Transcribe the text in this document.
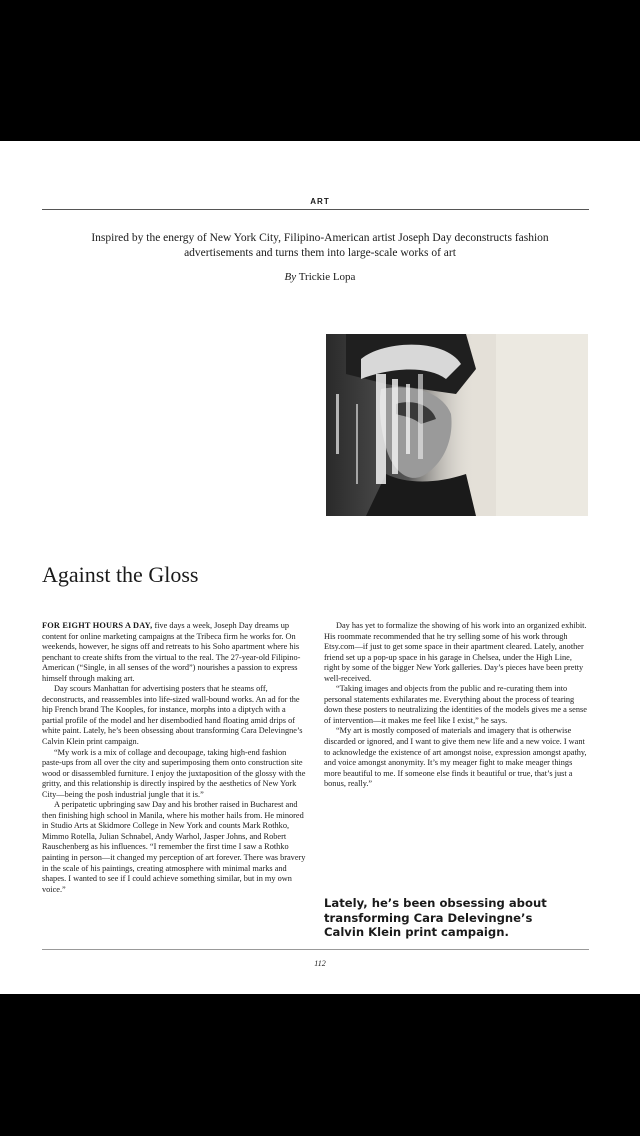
ART
Inspired by the energy of New York City, Filipino-American artist Joseph Day deconstructs fashion advertisements and turns them into large-scale works of art
By Trickie Lopa
Against the Gloss

FOR EIGHT HOURS A DAY, five days a week, Joseph Day dreams up content for online marketing campaigns at the Tribeca firm he works for. On weekends, however, he signs off and retreats to his Soho apartment where his penchant to create shifts from the virtual to the real. The 27-year-old Filipino-American (“Single, in all senses of the word”) nourishes a passion to express himself through making art.

Day scours Manhattan for advertising posters that he steams off, deconstructs, and reassembles into life-sized wall-bound works. An ad for the hip French brand The Kooples, for instance, morphs into a diptych with a partial profile of the model and her disembodied hand floating amid drips of white paint. Lately, he’s been obsessing about transforming Cara Delevingne’s Calvin Klein print campaign.

“My work is a mix of collage and decoupage, taking high-end fashion paste-ups from all over the city and superimposing them onto construction site wood or disassembled furniture. I enjoy the juxtaposition of the glossy with the gritty, and this relationship is directly inspired by the aesthetics of New York City—being the posh industrial jungle that it is.”

A peripatetic upbringing saw Day and his brother raised in Bucharest and then finishing high school in Manila, where his mother hails from. He minored in Studio Arts at Skidmore College in New York and counts Mark Rothko, Mimmo Rotella, Julian Schnabel, Andy Warhol, Jasper Johns, and Robert Rauschenberg as his influences. “I remember the first time I saw a Rothko painting in person—it changed my perception of art forever. There was bravery in the scale of his paintings, creating atmosphere with minimal marks and shapes. I wanted to see if I could achieve something similar, but in my own voice.”

Day has yet to formalize the showing of his work into an organized exhibit. His roommate recommended that he try selling some of his work through Etsy.com—if just to get some space in their apartment cleared. Lately, another friend set up a pop-up space in his garage in Chelsea, under the High Line, right by some of the bigger New York galleries. Day’s pieces have been pretty well-received.

“Taking images and objects from the public and re-curating them into personal statements exhilarates me. Everything about the process of tearing down these posters to neutralizing the identities of the models gives me a sense of intervention—it makes me feel like I exist,” he says.

“My art is mostly composed of materials and imagery that is otherwise discarded or ignored, and I want to give them new life and a new voice. I want to acknowledge the existence of art amongst noise, expression amongst apathy, and voice amongst anonymity. It’s my meager fight to make meager things more beautiful to me. If someone else finds it beautiful or true, that’s just a bonus, really.”

Lately, he’s been obsessing about transforming Cara Delevingne’s Calvin Klein print campaign.
112
